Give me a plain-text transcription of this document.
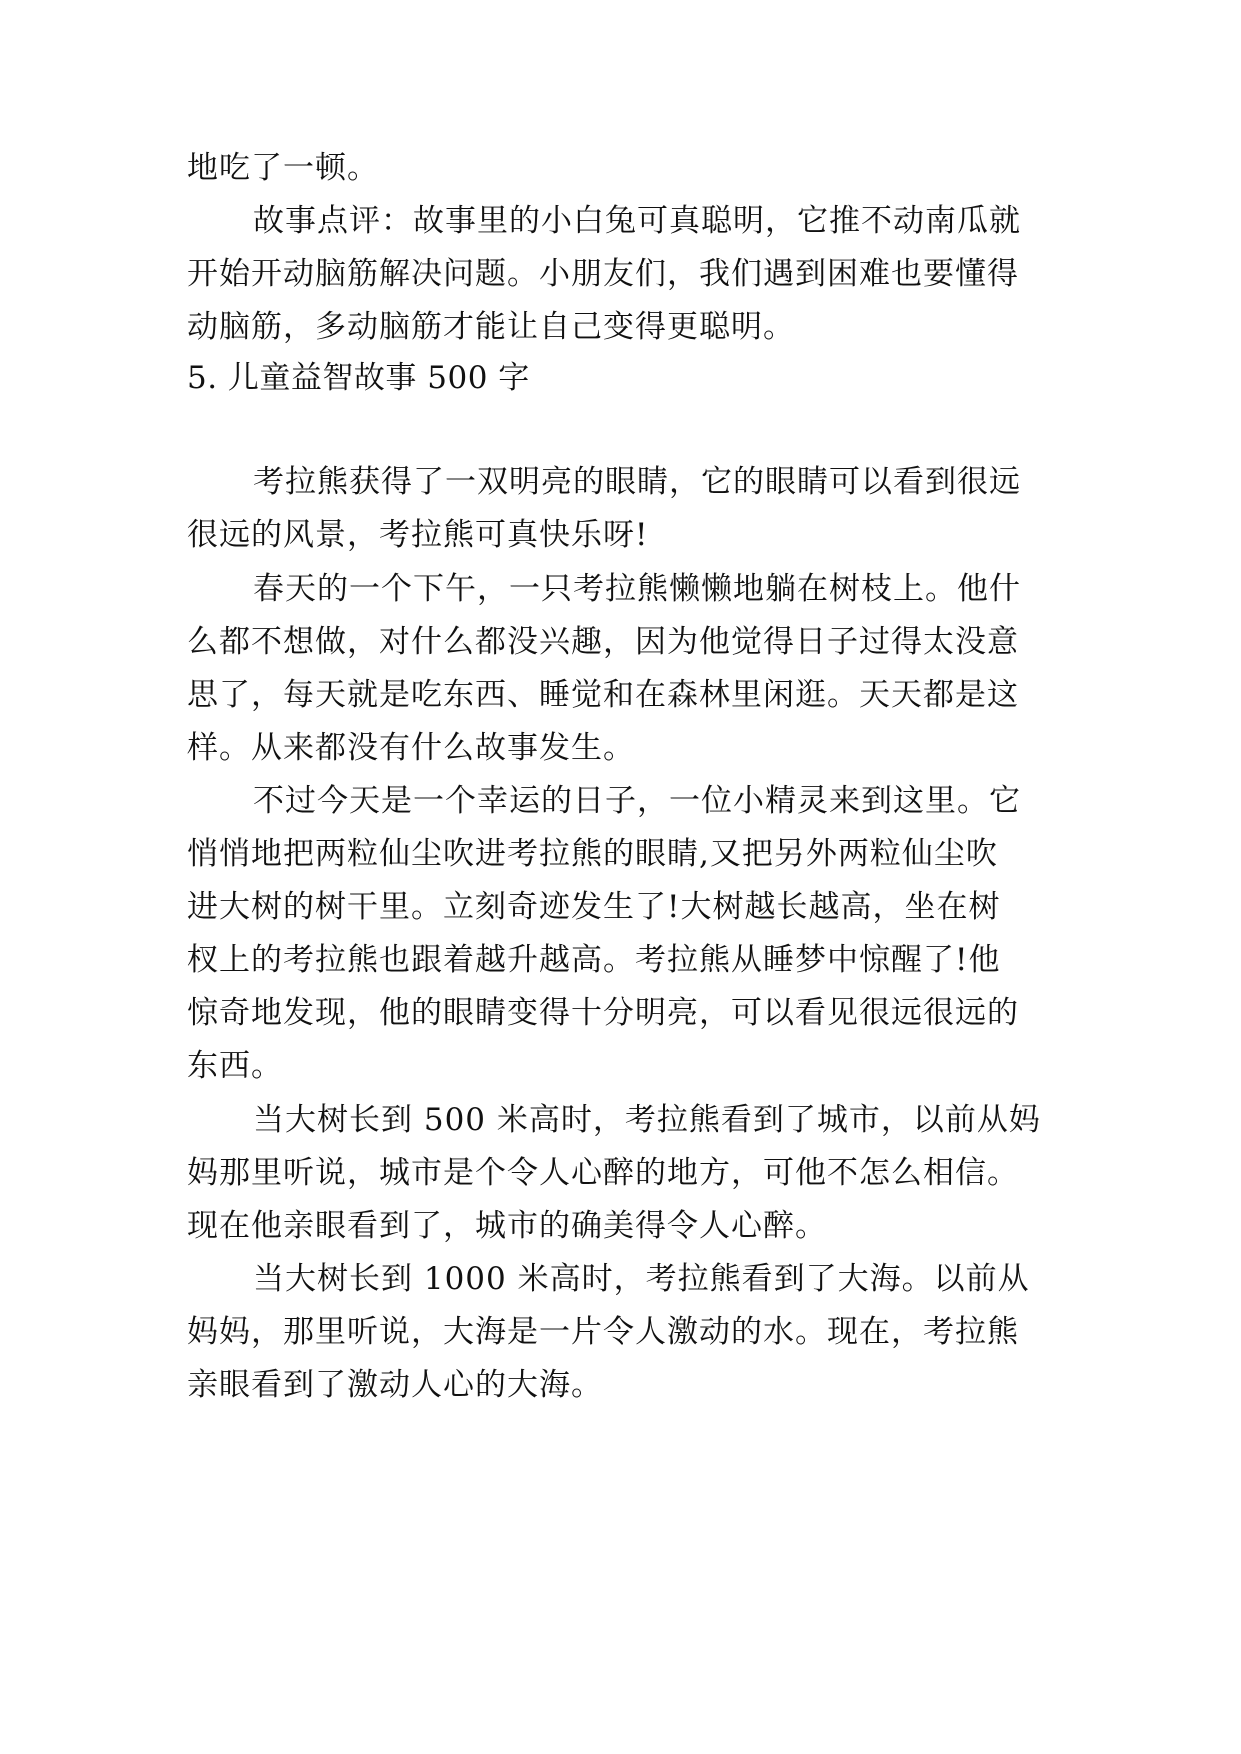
地吃了一顿。

故事点评：故事里的小白兔可真聪明，它推不动南瓜就

开始开动脑筋解决问题。小朋友们，我们遇到困难也要懂得

动脑筋，多动脑筋才能让自己变得更聪明。

5. 儿童益智故事 500 字

考拉熊获得了一双明亮的眼睛，它的眼睛可以看到很远

很远的风景，考拉熊可真快乐呀!

春天的一个下午，一只考拉熊懒懒地躺在树枝上。他什

么都不想做，对什么都没兴趣，因为他觉得日子过得太没意

思了，每天就是吃东西、睡觉和在森林里闲逛。天天都是这

样。从来都没有什么故事发生。

不过今天是一个幸运的日子，一位小精灵来到这里。它

悄悄地把两粒仙尘吹进考拉熊的眼睛,又把另外两粒仙尘吹

进大树的树干里。立刻奇迹发生了!大树越长越高，坐在树

杈上的考拉熊也跟着越升越高。考拉熊从睡梦中惊醒了!他

惊奇地发现，他的眼睛变得十分明亮，可以看见很远很远的

东西。

当大树长到 500 米高时，考拉熊看到了城市，以前从妈

妈那里听说，城市是个令人心醉的地方，可他不怎么相信。

现在他亲眼看到了，城市的确美得令人心醉。

当大树长到 1000 米高时，考拉熊看到了大海。以前从

妈妈，那里听说，大海是一片令人激动的水。现在，考拉熊

亲眼看到了激动人心的大海。
